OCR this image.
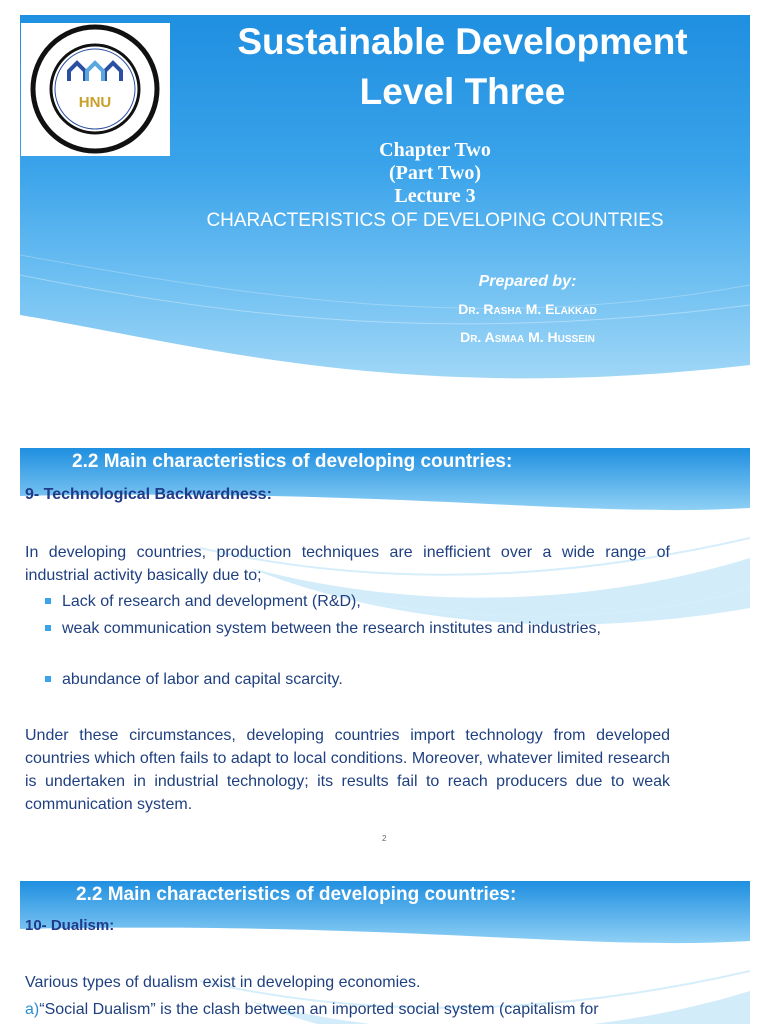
HNU
Sustainable Development
Level Three
Chapter Two
(Part Two)
Lecture 3
CHARACTERISTICS OF DEVELOPING COUNTRIES
Prepared by:
Dr. Rasha M. Elakkad
Dr. Asmaa M. Hussein
2.2 Main characteristics of developing countries:
9- Technological Backwardness:
In developing countries, production techniques are inefficient over a wide range of industrial activity basically due to;
Lack of research and development (R&D),
weak communication system between the research institutes and industries,
abundance of labor and capital scarcity.
Under these circumstances, developing countries import technology from developed countries which often fails to adapt to local conditions. Moreover, whatever limited research is undertaken in industrial technology; its results fail to reach producers due to weak communication system.
2
2.2 Main characteristics of developing countries:
10- Dualism:
Various types of dualism exist in developing economies.
a)“Social Dualism” is the clash between an imported social system (capitalism for
